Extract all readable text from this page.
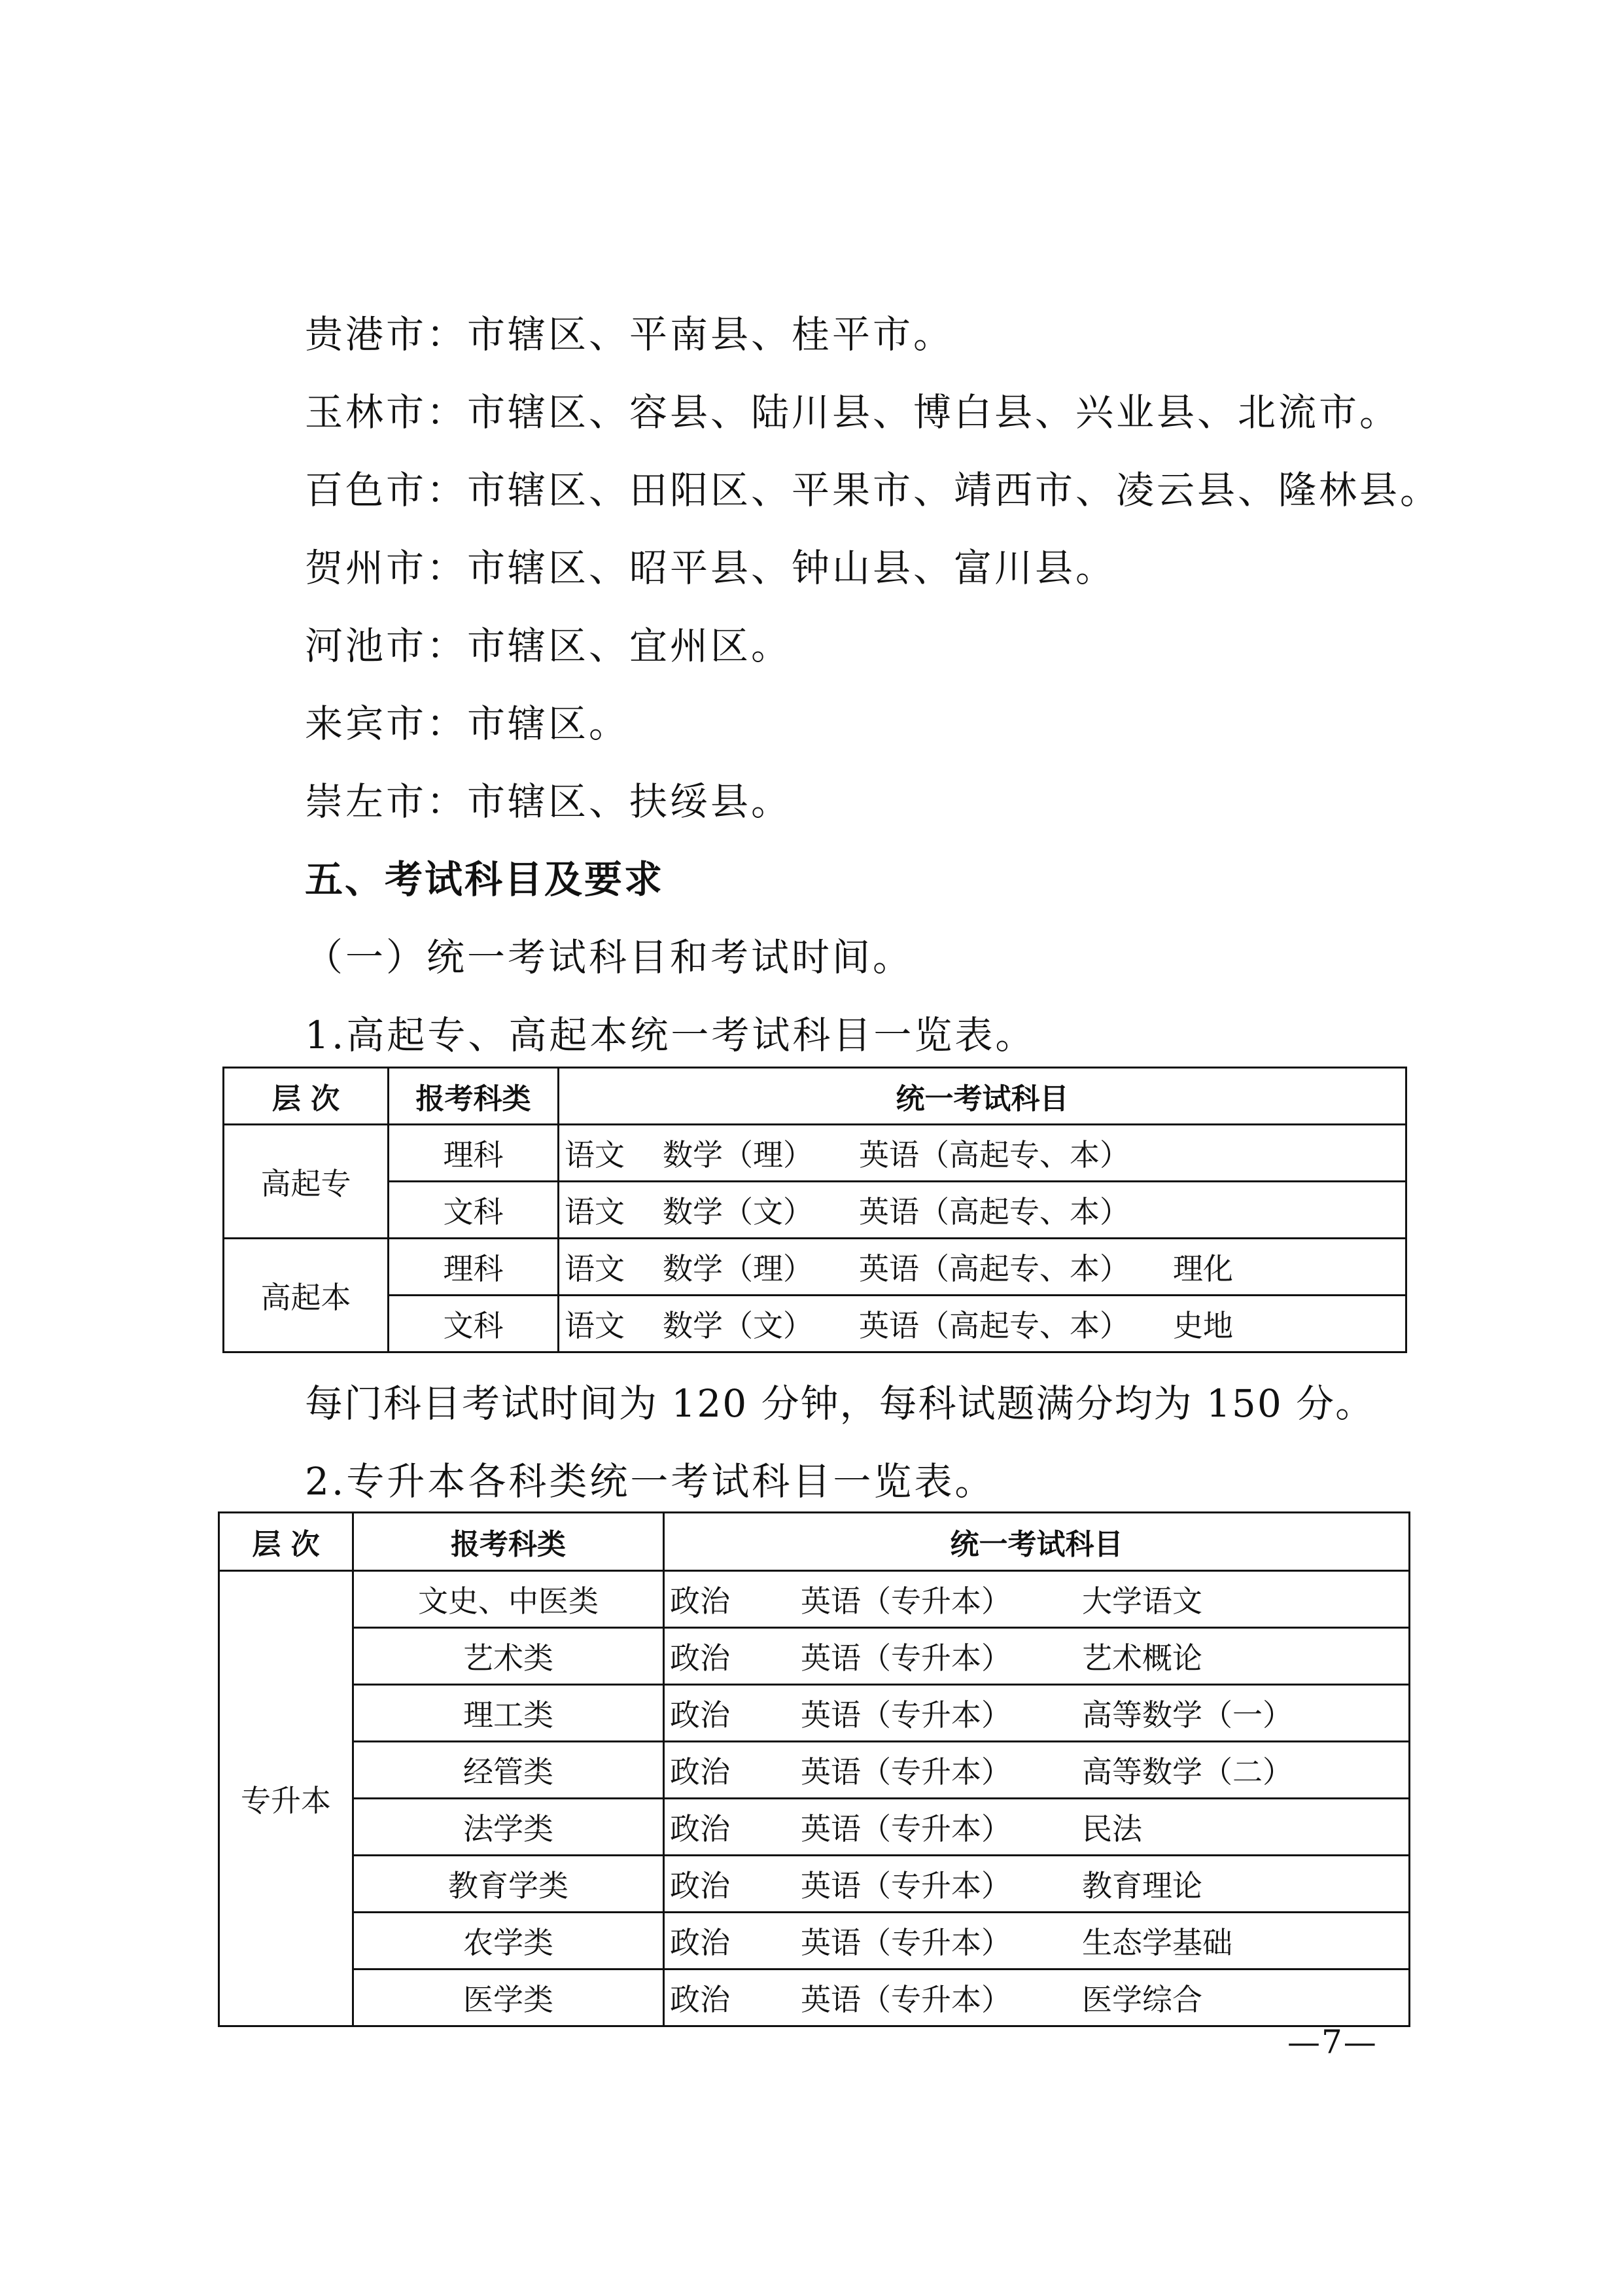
贵港市：市辖区、平南县、桂平市。
玉林市：市辖区、容县、陆川县、博白县、兴业县、北流市。
百色市：市辖区、田阳区、平果市、靖西市、凌云县、隆林县。
贺州市：市辖区、昭平县、钟山县、富川县。
河池市：市辖区、宜州区。
来宾市：市辖区。
崇左市：市辖区、扶绥县。
五、考试科目及要求
（一）统一考试科目和考试时间。
1.高起专、高起本统一考试科目一览表。
层 次	报考科类	统一考试科目
高起专	理科	语文 数学（理） 英语（高起专、本）
	文科	语文 数学（文） 英语（高起专、本）
高起本	理科	语文 数学（理） 英语（高起专、本） 理化
	文科	语文 数学（文） 英语（高起专、本） 史地
每门科目考试时间为 120 分钟，每科试题满分均为 150 分。
2.专升本各科类统一考试科目一览表。
层 次	报考科类	统一考试科目
专升本	文史、中医类	政治 英语（专升本） 大学语文
	艺术类	政治 英语（专升本） 艺术概论
	理工类	政治 英语（专升本） 高等数学（一）
	经管类	政治 英语（专升本） 高等数学（二）
	法学类	政治 英语（专升本） 民法
	教育学类	政治 英语（专升本） 教育理论
	农学类	政治 英语（专升本） 生态学基础
	医学类	政治 英语（专升本） 医学综合
—7—
